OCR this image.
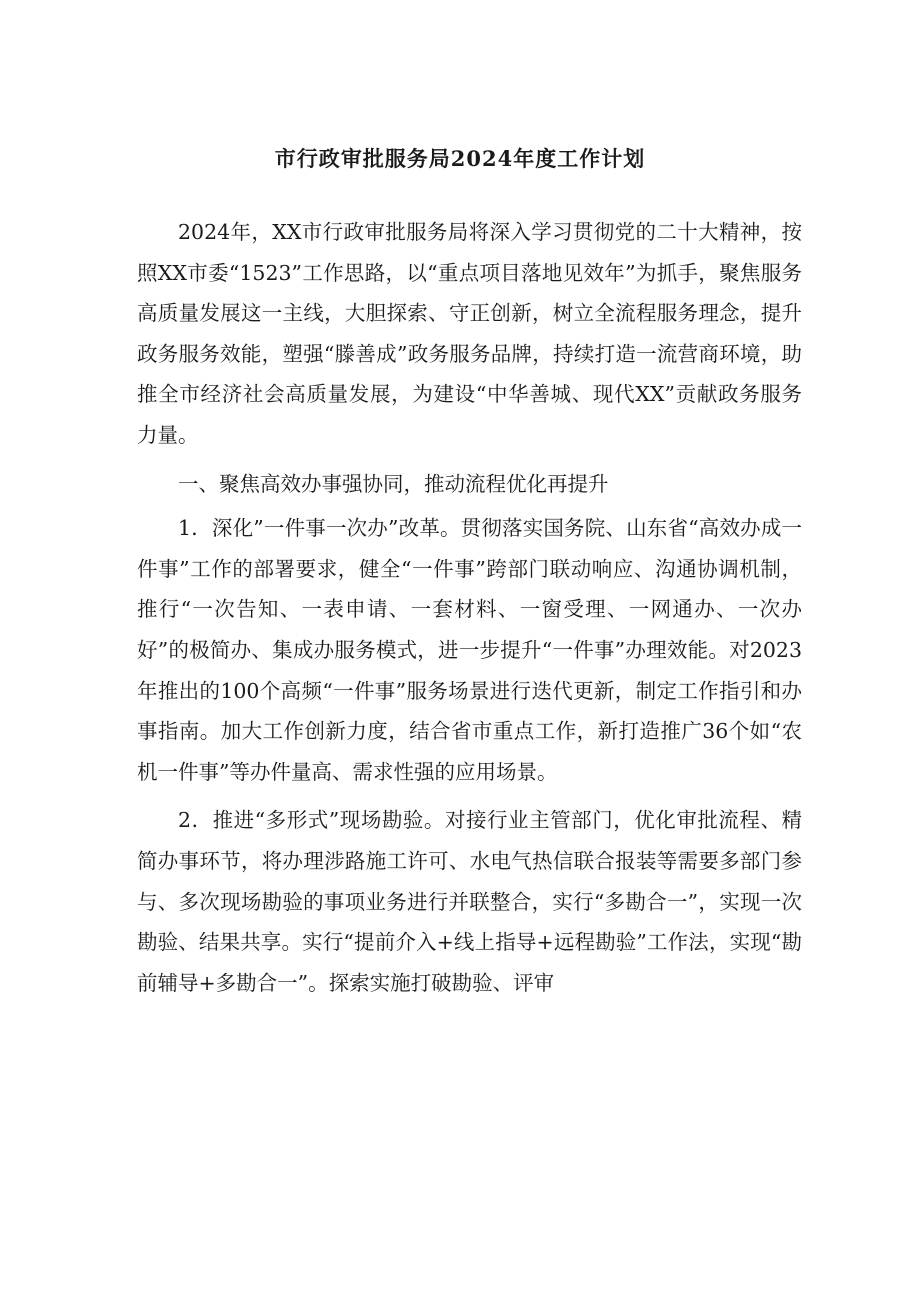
市行政审批服务局2024年度工作计划

2024年，XX市行政审批服务局将深入学习贯彻党的二十大精神，按照XX市委“1523”工作思路，以“重点项目落地见效年”为抓手，聚焦服务高质量发展这一主线，大胆探索、守正创新，树立全流程服务理念，提升政务服务效能，塑强“滕善成”政务服务品牌，持续打造一流营商环境，助推全市经济社会高质量发展，为建设“中华善城、现代XX”贡献政务服务力量。

一、聚焦高效办事强协同，推动流程优化再提升

1．深化”一件事一次办”改革。贯彻落实国务院、山东省“高效办成一件事”工作的部署要求，健全“一件事”跨部门联动响应、沟通协调机制，推行“一次告知、一表申请、一套材料、一窗受理、一网通办、一次办好”的极简办、集成办服务模式，进一步提升“一件事”办理效能。对2023年推出的100个高频“一件事”服务场景进行迭代更新，制定工作指引和办事指南。加大工作创新力度，结合省市重点工作，新打造推广36个如“农机一件事”等办件量高、需求性强的应用场景。

2．推进“多形式”现场勘验。对接行业主管部门，优化审批流程、精简办事环节，将办理涉路施工许可、水电气热信联合报装等需要多部门参与、多次现场勘验的事项业务进行并联整合，实行“多勘合一”，实现一次勘验、结果共享。实行“提前介入+线上指导+远程勘验”工作法，实现“勘前辅导+多勘合一”。探索实施打破勘验、评审
